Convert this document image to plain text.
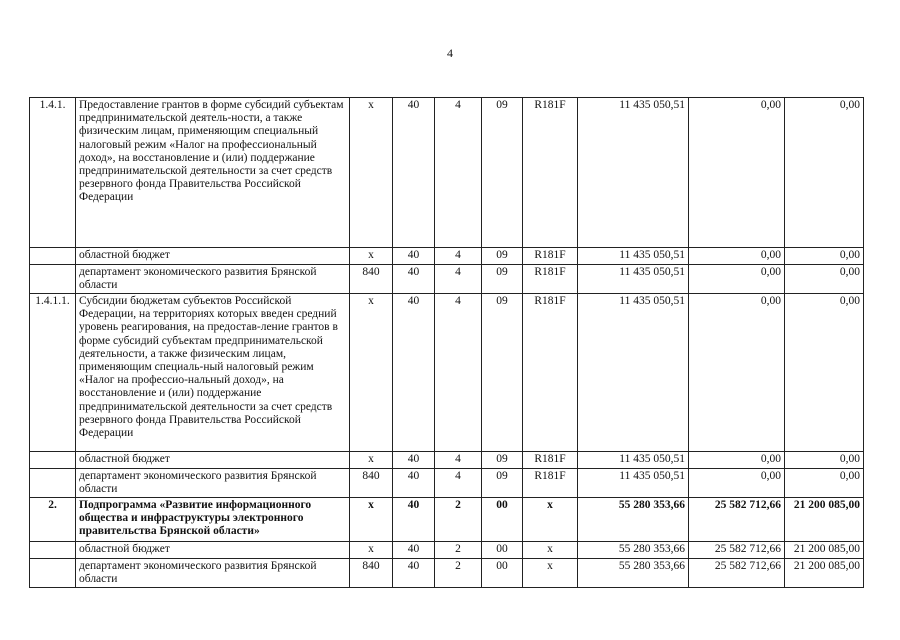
4
1.4.1.	Предоставление грантов в форме субсидий субъектам предпринимательской деятель-ности, а также физическим лицам, применяющим специальный налоговый режим «Налог на профессиональный доход», на восстановление и (или) поддержание предпринимательской деятельности за счет средств резервного фонда Правительства Российской Федерации	х	40	4	09	R181F	11 435 050,51	0,00	0,00
	областной бюджет	х	40	4	09	R181F	11 435 050,51	0,00	0,00
	департамент экономического развития Брянской области	840	40	4	09	R181F	11 435 050,51	0,00	0,00
1.4.1.1.	Субсидии бюджетам субъектов Российской Федерации, на территориях которых введен средний уровень реагирования, на предостав-ление грантов в форме субсидий субъектам предпринимательской деятельности, а также физическим лицам, применяющим специаль-ный налоговый режим «Налог на профессио-нальный доход», на восстановление и (или) поддержание предпринимательской деятельности за счет средств резервного фонда Правительства Российской Федерации	х	40	4	09	R181F	11 435 050,51	0,00	0,00
	областной бюджет	х	40	4	09	R181F	11 435 050,51	0,00	0,00
	департамент экономического развития Брянской области	840	40	4	09	R181F	11 435 050,51	0,00	0,00
2.	Подпрограмма «Развитие информационного общества и инфраструктуры электронного правительства Брянской области»	х	40	2	00	х	55 280 353,66	25 582 712,66	21 200 085,00
	областной бюджет	х	40	2	00	х	55 280 353,66	25 582 712,66	21 200 085,00
	департамент экономического развития Брянской области	840	40	2	00	х	55 280 353,66	25 582 712,66	21 200 085,00
